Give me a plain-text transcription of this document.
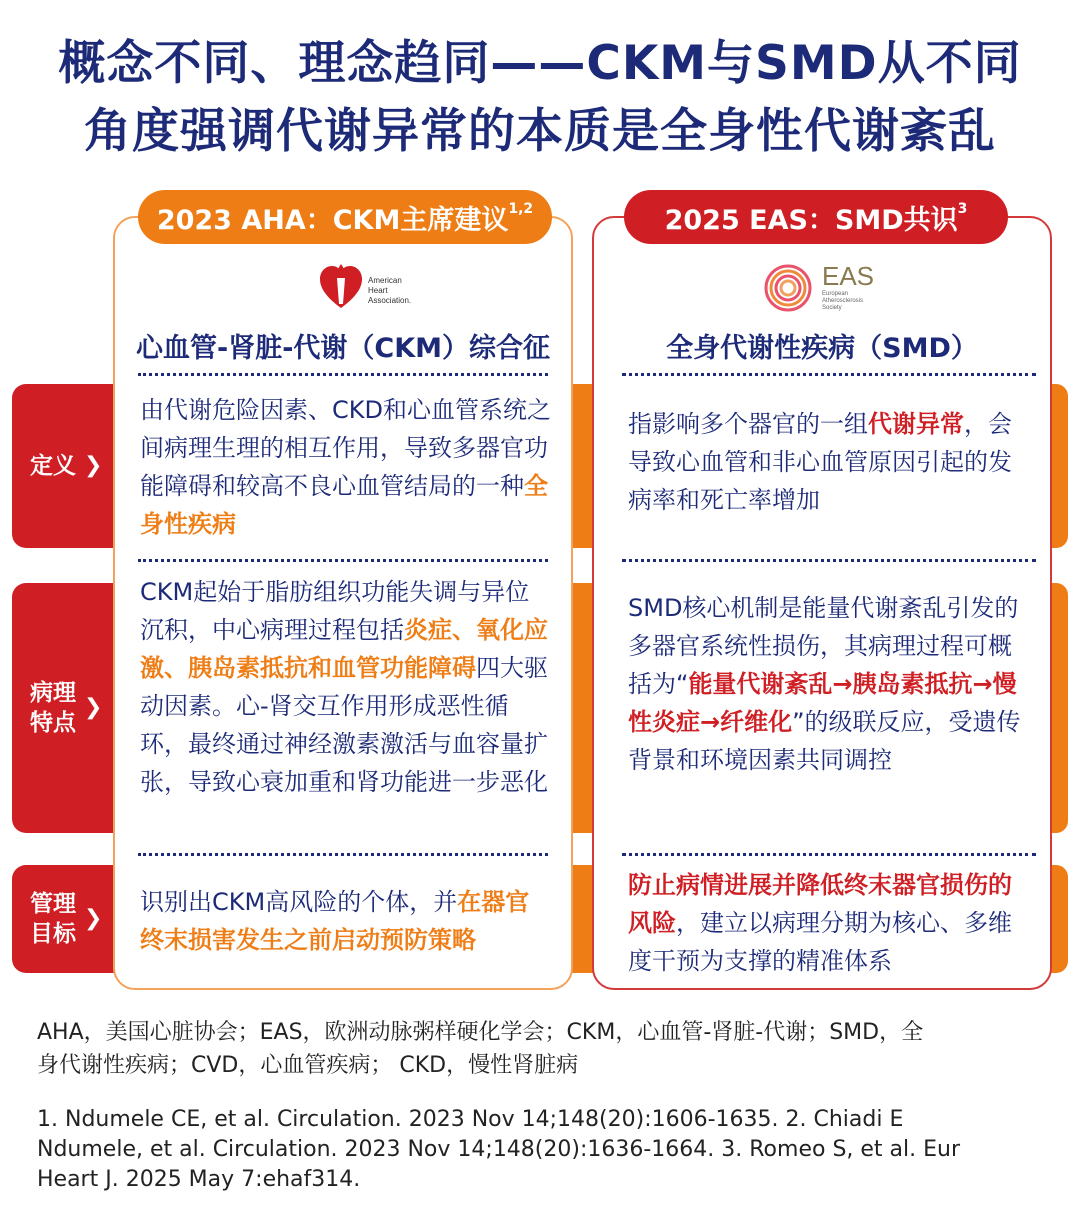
概念不同、理念趋同——CKM与SMD从不同
角度强调代谢异常的本质是全身性代谢紊乱
定义 ❯
病理
特点
❯
管理
目标
❯
2023 AHA：CKM主席建议$^{1,2}$	2025 EAS：SMD共识$^3$
American
Heart
Association.
EAS
European
Atherosclerosis
Society
心血管-肾脏-代谢（CKM）综合征	全身代谢性疾病（SMD）
由代谢危险因素、CKD和心血管系统之间病理生理的相互作用，导致多器官功能障碍和较高不良心血管结局的一种全身性疾病
CKM起始于脂肪组织功能失调与异位沉积，中心病理过程包括炎症、氧化应激、胰岛素抵抗和血管功能障碍四大驱动因素。心-肾交互作用形成恶性循环，最终通过神经激素激活与血容量扩张，导致心衰加重和肾功能进一步恶化
识别出CKM高风险的个体，并在器官终末损害发生之前启动预防策略
指影响多个器官的一组代谢异常，会导致心血管和非心血管原因引起的发病率和死亡率增加
SMD核心机制是能量代谢紊乱引发的多器官系统性损伤，其病理过程可概括为“能量代谢紊乱→胰岛素抵抗→慢性炎症→纤维化”的级联反应，受遗传背景和环境因素共同调控
防止病情进展并降低终末器官损伤的风险，建立以病理分期为核心、多维度干预为支撑的精准体系
AHA，美国心脏协会；EAS，欧洲动脉粥样硬化学会；CKM，心血管-肾脏-代谢；SMD，全
身代谢性疾病；CVD，心血管疾病； CKD，慢性肾脏病
1. Ndumele CE, et al. Circulation. 2023 Nov 14;148(20):1606-1635. 2. Chiadi E
Ndumele, et al. Circulation. 2023 Nov 14;148(20):1636-1664. 3. Romeo S, et al. Eur
Heart J. 2025 May 7:ehaf314.
